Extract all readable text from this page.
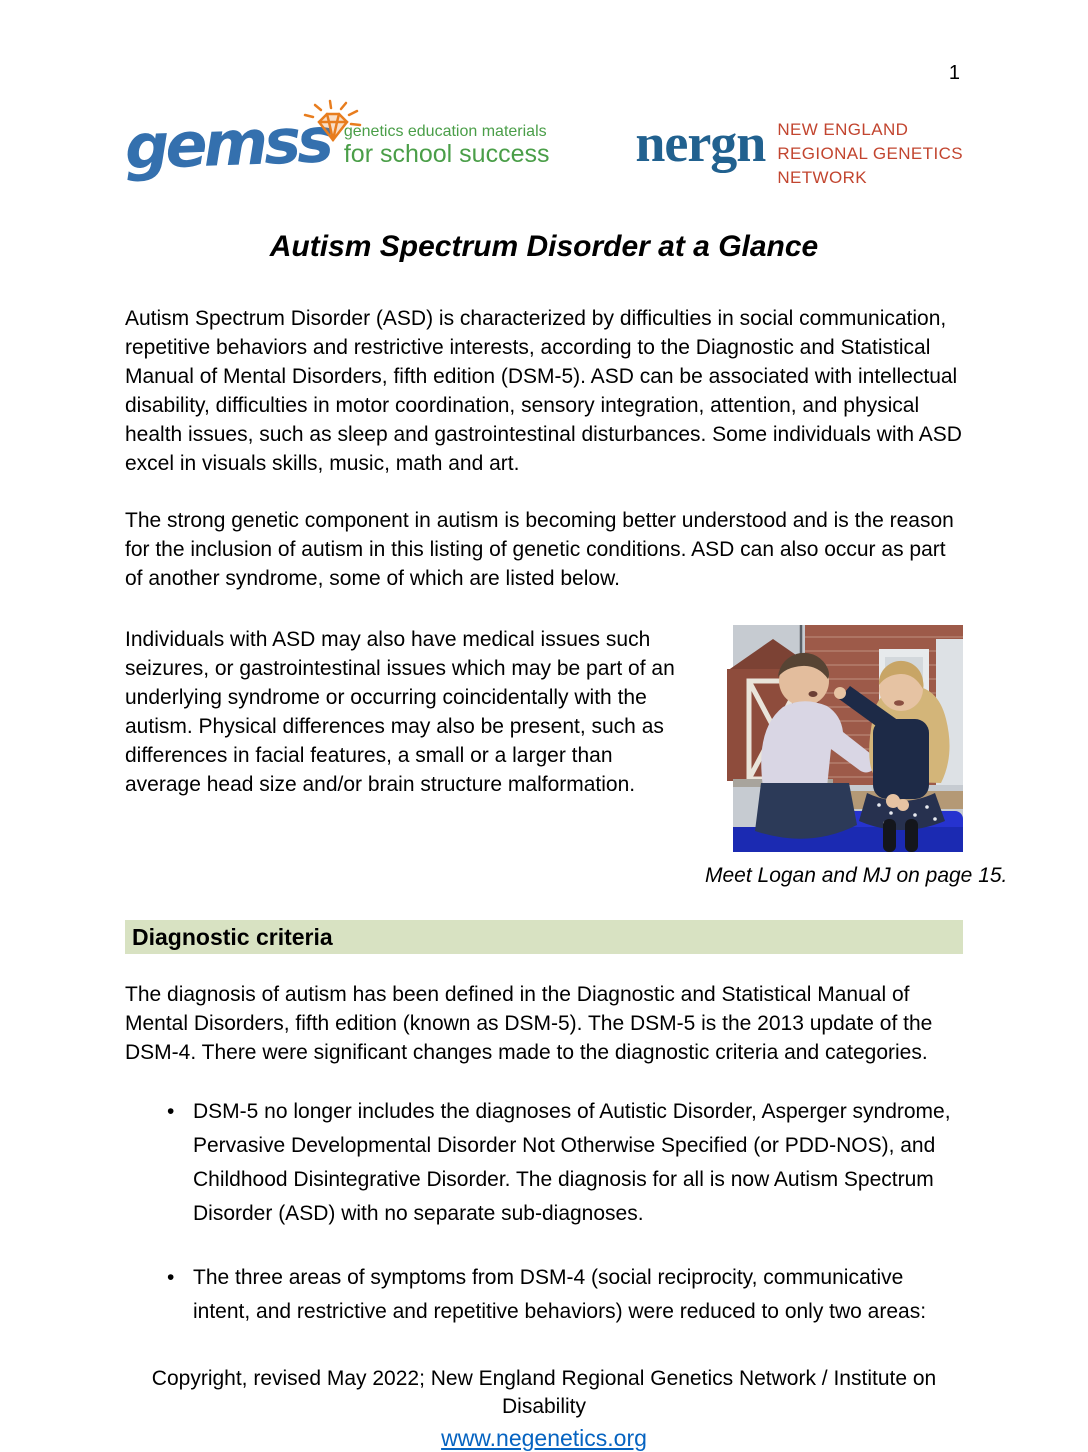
1
gemss genetics education materials
for school success nergn NEW ENGLAND
REGIONAL GENETICS
NETWORK
Autism Spectrum Disorder at a Glance

Autism Spectrum Disorder (ASD) is characterized by difficulties in social communication, repetitive behaviors and restrictive interests, according to the Diagnostic and Statistical Manual of Mental Disorders, fifth edition (DSM-5). ASD can be associated with intellectual disability, difficulties in motor coordination, sensory integration, attention, and physical health issues, such as sleep and gastrointestinal disturbances. Some individuals with ASD excel in visuals skills, music, math and art.

The strong genetic component in autism is becoming better understood and is the reason for the inclusion of autism in this listing of genetic conditions. ASD can also occur as part of another syndrome, some of which are listed below.

Meet Logan and MJ on page 15.

Individuals with ASD may also have medical issues such seizures, or gastrointestinal issues which may be part of an underlying syndrome or occurring coincidentally with the autism. Physical differences may also be present, such as differences in facial features, a small or a larger than average head size and/or brain structure malformation.

Diagnostic criteria

The diagnosis of autism has been defined in the Diagnostic and Statistical Manual of Mental Disorders, fifth edition (known as DSM-5). The DSM-5 is the 2013 update of the DSM-4. There were significant changes made to the diagnostic criteria and categories.

• DSM-5 no longer includes the diagnoses of Autistic Disorder, Asperger syndrome, Pervasive Developmental Disorder Not Otherwise Specified (or PDD-NOS), and Childhood Disintegrative Disorder. The diagnosis for all is now Autism Spectrum Disorder (ASD) with no separate sub-diagnoses.
• The three areas of symptoms from DSM-4 (social reciprocity, communicative intent, and restrictive and repetitive behaviors) were reduced to only two areas:
Copyright, revised May 2022; New England Regional Genetics Network / Institute on Disability
www.negenetics.org
